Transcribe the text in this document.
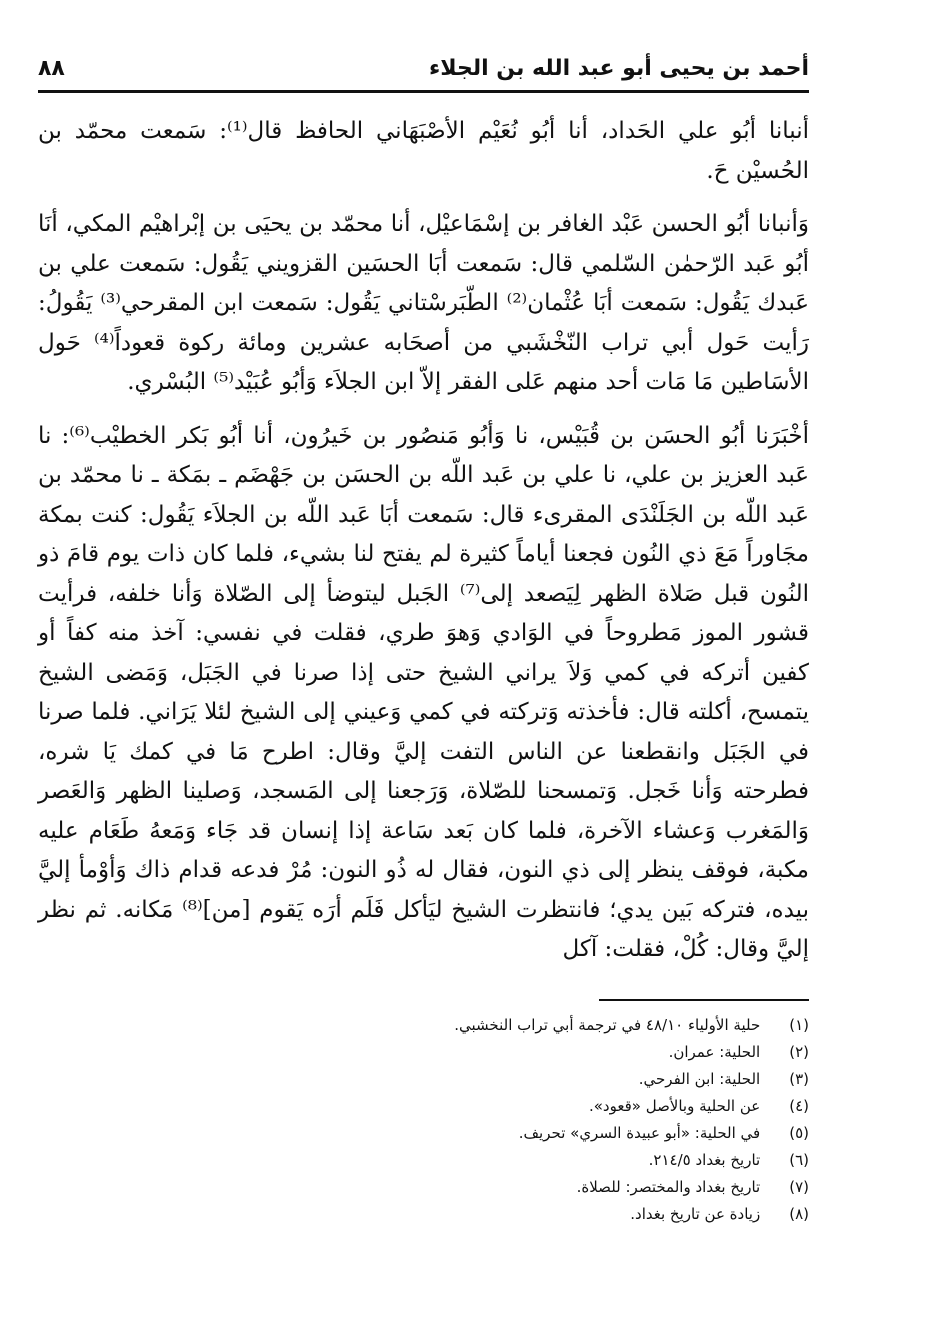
أحمد بن يحيى أبو عبد الله بن الجلاء
٨٨

أنبانا أبُو علي الحَداد، أنا أبُو نُعَيْم الأصْبَهَاني الحافظ قال⁽¹⁾: سَمعت محمّد بن الحُسيْن حَ.

وَأنبانا أبُو الحسن عَبْد الغافر بن إسْمَاعيْل، أنا محمّد بن يحيَى بن إبْراهيْم المكي، أنَا أبُو عَبد الرّحمٰن السّلمي قال: سَمعت أبَا الحسَين القزويني يَقُول: سَمعت علي بن عَبدك يَقُول: سَمعت أبَا عُثْمان⁽²⁾ الطّبَرسْتاني يَقُول: سَمعت ابن المقرحي⁽³⁾ يَقُولُ: رَأيت حَول أبي تراب النّخْشَبي من أصحَابه عشرين ومائة ركوة قعوداً⁽⁴⁾ حَول الأسَاطين مَا مَات أحد منهم عَلى الفقر إلاّ ابن الجلاَء وَأبُو عُبَيْد⁽⁵⁾ البُسْري.

أخْبَرَنا أبُو الحسَن بن قُبَيْس، نا وَأبُو مَنصُور بن خَيرُون، أنا أبُو بَكر الخطيْب⁽⁶⁾: نا عَبد العزيز بن علي، نا علي بن عَبد اللّه بن الحسَن بن جَهْضَم ـ بمَكة ـ نا محمّد بن عَبد اللّه بن الجَلَنْدَى المقرىء قال: سَمعت أبَا عَبد اللّه بن الجلاَء يَقُول: كنت بمكة مجَاوراً مَعَ ذي النُون فجعنا أياماً كثيرة لم يفتح لنا بشيء، فلما كان ذات يوم قامَ ذو النُون قبل صَلاة الظهر لِيَصعد إلى⁽⁷⁾ الجَبل ليتوضأ إلى الصّلاة وَأنا خلفه، فرأيت قشور الموز مَطروحاً في الوَادي وَهوَ طري، فقلت في نفسي: آخذ منه كفاً أو كفين أتركه في كمي وَلاَ يراني الشيخ حتى إذا صرنا في الجَبَل، وَمَضى الشيخ يتمسح، أكلته قال: فأخذته وَتركته في كمي وَعيني إلى الشيخ لئلا يَرَاني. فلما صرنا في الجَبَل وانقطعنا عن الناس التفت إليَّ وقال: اطرح مَا في كمك يَا شره، فطرحته وَأنا خَجل. وَتمسحنا للصّلاة، وَرَجعنا إلى المَسجد، وَصلينا الظهر وَالعَصر وَالمَغرب وَعشاء الآخرة، فلما كان بَعد سَاعة إذا إنسان قد جَاء وَمَعهُ طَعَام عليه مكبة، فوقف ينظر إلى ذي النون، فقال له ذُو النون: مُرْ فدعه قدام ذاك وَأوْمأ إليَّ بيده، فتركه بَين يدي؛ فانتظرت الشيخ ليَأكل فَلَم أرَه يَقوم [من]⁽⁸⁾ مَكانه. ثم نظر إليَّ وقال: كُلْ، فقلت: آكل

(١) حلية الأولياء ٤٨/١٠ في ترجمة أبي تراب النخشبي.
(٢) الحلية: عمران.
(٣) الحلية: ابن الفرحي.
(٤) عن الحلية وبالأصل «قعود».
(٥) في الحلية: «أبو عبيدة السري» تحريف.
(٦) تاريخ بغداد ٢١٤/٥.
(٧) تاريخ بغداد والمختصر: للصلاة.
(٨) زيادة عن تاريخ بغداد.
